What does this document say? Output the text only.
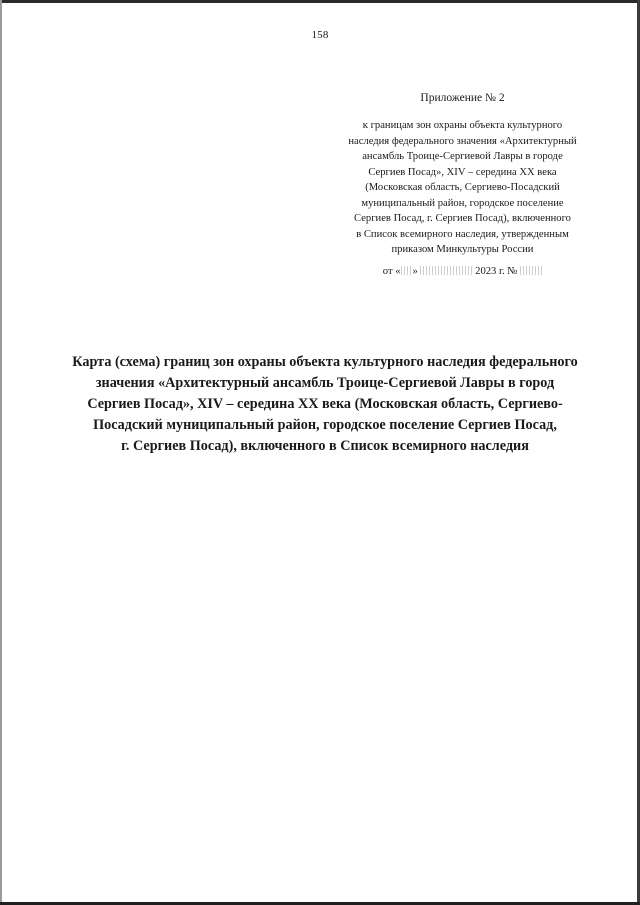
158
Приложение № 2
к границам зон охраны объекта культурного
наследия федерального значения «Архитектурный
ансамбль Троице-Сергиевой Лавры в городе
Сергиев Посад», XIV – середина XX века
(Московская область, Сергиево-Посадский
муниципальный район, городское поселение
Сергиев Посад, г. Сергиев Посад), включенного
в Список всемирного наследия, утвержденным
приказом Минкультуры России
от « »	2023 г. №
Карта (схема) границ зон охраны объекта культурного наследия федерального
значения «Архитектурный ансамбль Троице-Сергиевой Лавры в город
Сергиев Посад», XIV – середина XX века (Московская область, Сергиево-
Посадский муниципальный район, городское поселение Сергиев Посад,
г. Сергиев Посад), включенного в Список всемирного наследия
